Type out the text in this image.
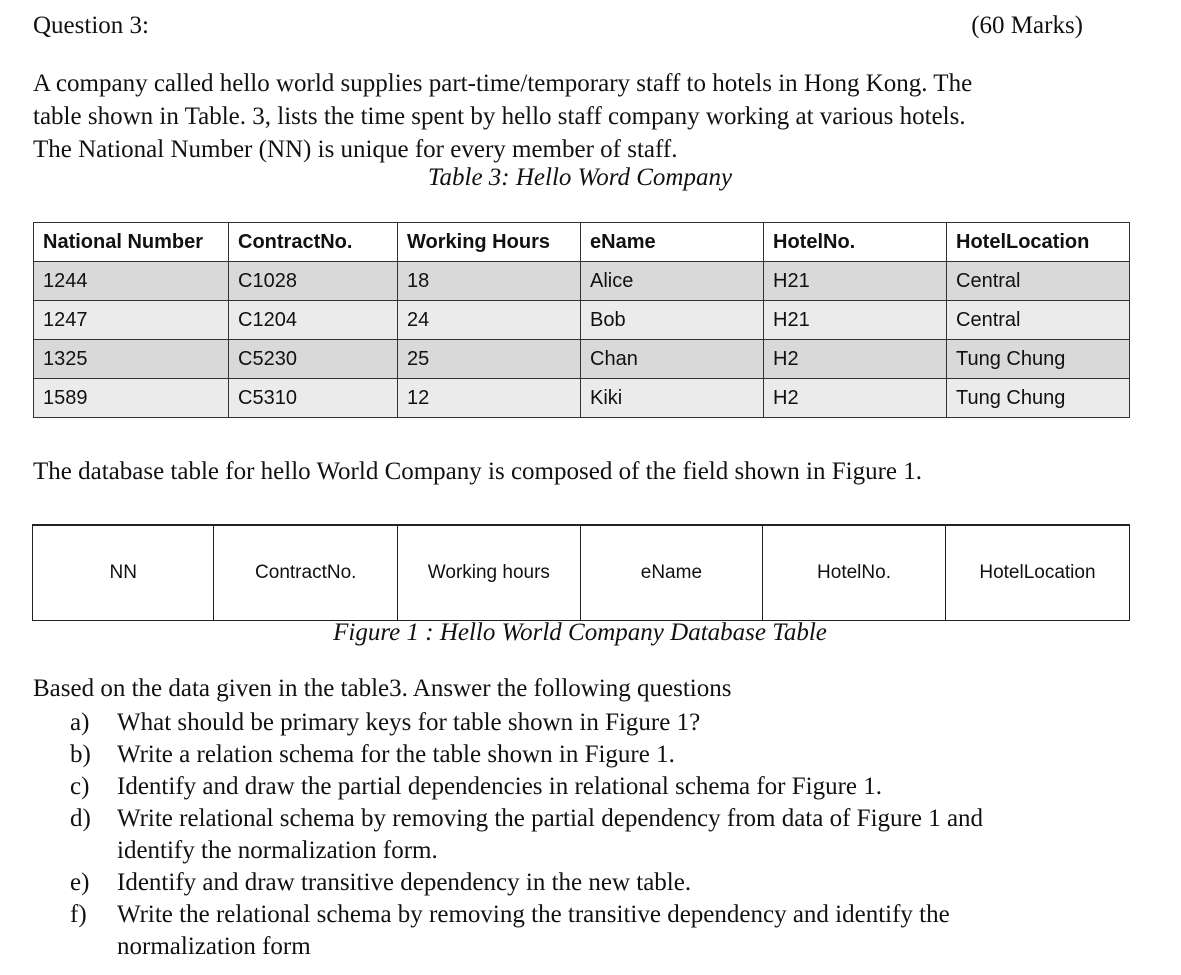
Question 3:	(60 Marks)

A company called hello world supplies part-time/temporary staff to hotels in Hong Kong. The

table shown in Table. 3, lists the time spent by hello staff company working at various hotels.

The National Number (NN) is unique for every member of staff.

Table 3: Hello Word Company
National Number	ContractNo.	Working Hours	eName	HotelNo.	HotelLocation
1244	C1028	18	Alice	H21	Central
1247	C1204	24	Bob	H21	Central
1325	C5230	25	Chan	H2	Tung Chung
1589	C5310	12	Kiki	H2	Tung Chung
The database table for hello World Company is composed of the field shown in Figure 1.
NN	ContractNo.	Working hours	eName	HotelNo.	HotelLocation
Figure 1 : Hello World Company Database Table
Based on the data given in the table3. Answer the following questions
a)	What should be primary keys for table shown in Figure 1?
b)	Write a relation schema for the table shown in Figure 1.
c)	Identify and draw the partial dependencies in relational schema for Figure 1.
d)	Write relational schema by removing the partial dependency from data of Figure 1 and
identify the normalization form.
e)	Identify and draw transitive dependency in the new table.
f)	Write the relational schema by removing the transitive dependency and identify the
normalization form
